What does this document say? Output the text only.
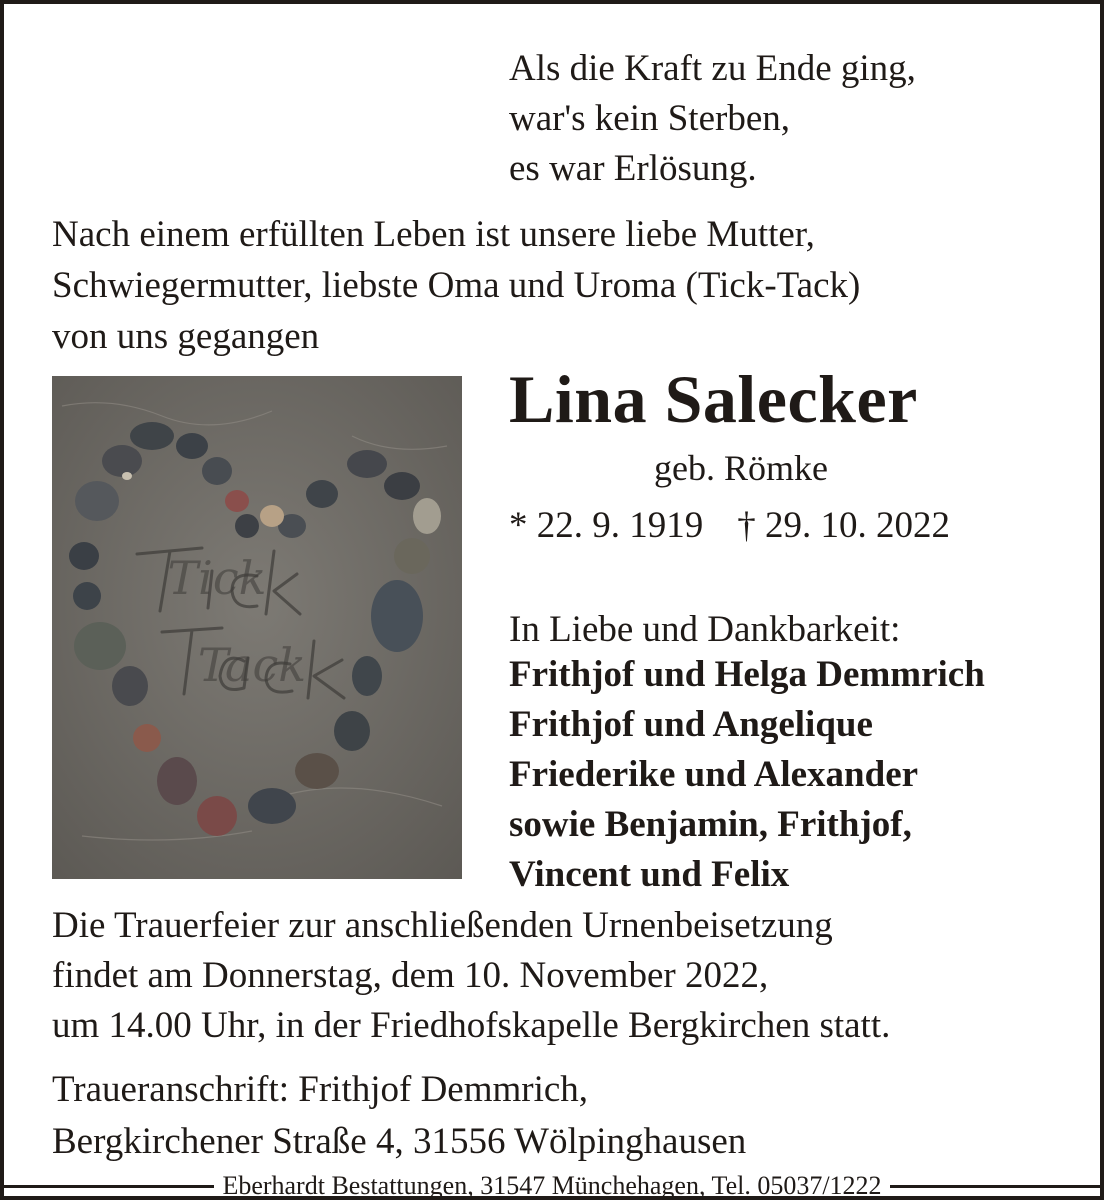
Als die Kraft zu Ende ging,
war's kein Sterben,
es war Erlösung.
Nach einem erfüllten Leben ist unsere liebe Mutter,
Schwiegermutter, liebste Oma und Uroma (Tick-Tack)
von uns gegangen
Tick
Tack
Lina Salecker
geb. Römke
* 22. 9. 1919 † 29. 10. 2022
In Liebe und Dankbarkeit:
Frithjof und Helga Demmrich
Frithjof und Angelique
Friederike und Alexander
sowie Benjamin, Frithjof,
Vincent und Felix
Die Trauerfeier zur anschließenden Urnenbeisetzung
findet am Donnerstag, dem 10. November 2022,
um 14.00 Uhr, in der Friedhofskapelle Bergkirchen statt.
Traueranschrift: Frithjof Demmrich,
Bergkirchener Straße 4, 31556 Wölpinghausen
Eberhardt Bestattungen, 31547 Münchehagen, Tel. 05037/1222
